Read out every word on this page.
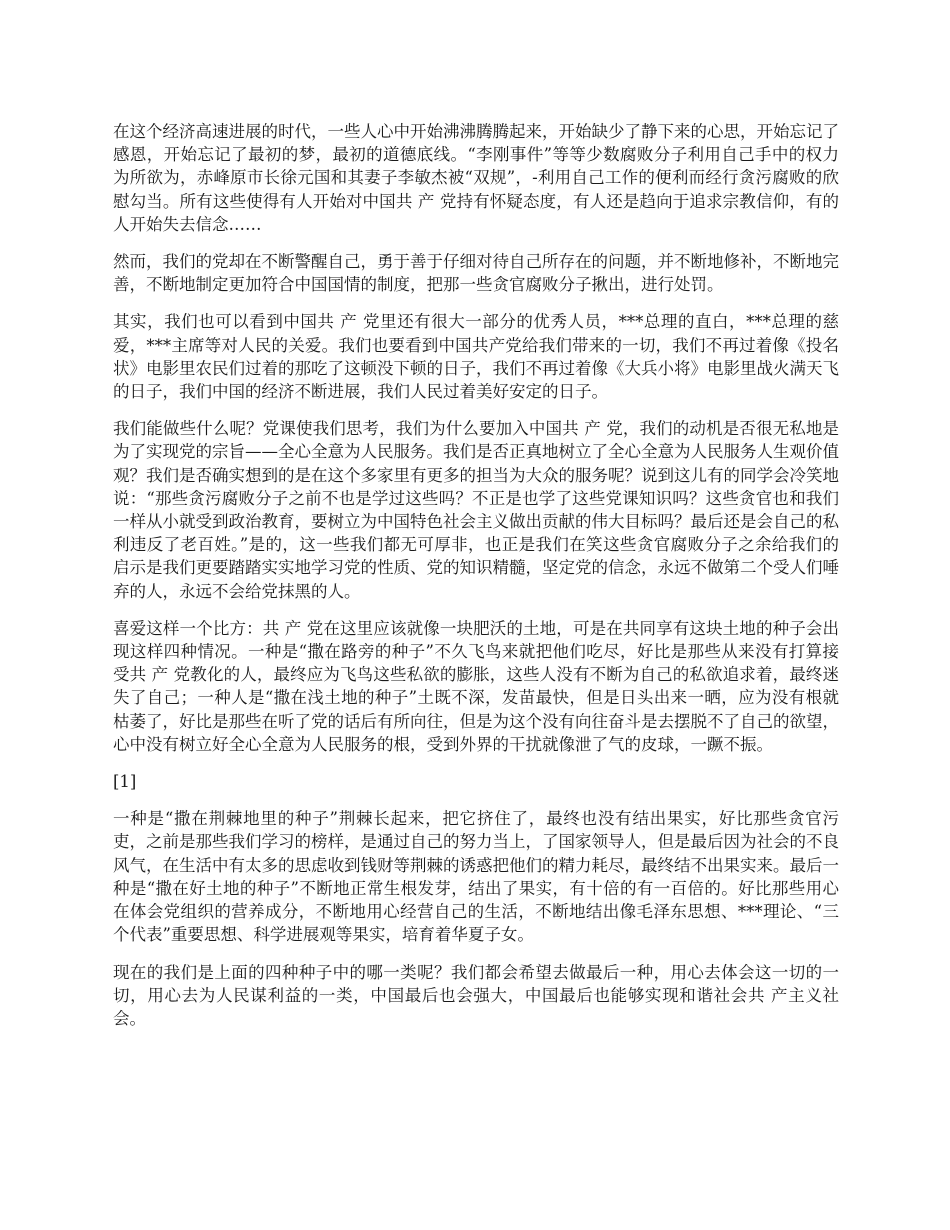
在这个经济高速进展的时代，一些人心中开始沸沸腾腾起来，开始缺少了静下来的心思，开始忘记了感恩，开始忘记了最初的梦，最初的道德底线。“李刚事件”等等少数腐败分子利用自己手中的权力为所欲为，赤峰原市长徐元国和其妻子李敏杰被“双规”，-利用自己工作的便利而经行贪污腐败的欣慰勾当。所有这些使得有人开始对中国共 产 党持有怀疑态度，有人还是趋向于追求宗教信仰，有的人开始失去信念……

然而，我们的党却在不断警醒自己，勇于善于仔细对待自己所存在的问题，并不断地修补，不断地完善，不断地制定更加符合中国国情的制度，把那一些贪官腐败分子揪出，进行处罚。

其实，我们也可以看到中国共 产 党里还有很大一部分的优秀人员，***总理的直白，***总理的慈爱，***主席等对人民的关爱。我们也要看到中国共产党给我们带来的一切，我们不再过着像《投名状》电影里农民们过着的那吃了这顿没下顿的日子，我们不再过着像《大兵小将》电影里战火满天飞的日子，我们中国的经济不断进展，我们人民过着美好安定的日子。

我们能做些什么呢？党课使我们思考，我们为什么要加入中国共 产 党，我们的动机是否很无私地是为了实现党的宗旨——全心全意为人民服务。我们是否正真地树立了全心全意为人民服务人生观价值观？我们是否确实想到的是在这个多家里有更多的担当为大众的服务呢？说到这儿有的同学会冷笑地说：“那些贪污腐败分子之前不也是学过这些吗？不正是也学了这些党课知识吗？这些贪官也和我们一样从小就受到政治教育，要树立为中国特色社会主义做出贡献的伟大目标吗？最后还是会自己的私利违反了老百姓。”是的，这一些我们都无可厚非，也正是我们在笑这些贪官腐败分子之余给我们的启示是我们更要踏踏实实地学习党的性质、党的知识精髓，坚定党的信念，永远不做第二个受人们唾弃的人，永远不会给党抹黑的人。

喜爱这样一个比方：共 产 党在这里应该就像一块肥沃的土地，可是在共同享有这块土地的种子会出现这样四种情况。一种是“撒在路旁的种子”不久飞鸟来就把他们吃尽，好比是那些从来没有打算接受共 产 党教化的人，最终应为飞鸟这些私欲的膨胀，这些人没有不断为自己的私欲追求着，最终迷失了自己；一种人是“撒在浅土地的种子”土既不深，发苗最快，但是日头出来一晒，应为没有根就枯萎了，好比是那些在听了党的话后有所向往，但是为这个没有向往奋斗是去摆脱不了自己的欲望，心中没有树立好全心全意为人民服务的根，受到外界的干扰就像泄了气的皮球，一蹶不振。

[1]

一种是“撒在荆棘地里的种子”荆棘长起来，把它挤住了，最终也没有结出果实，好比那些贪官污吏，之前是那些我们学习的榜样，是通过自己的努力当上，了国家领导人，但是最后因为社会的不良风气，在生活中有太多的思虑收到钱财等荆棘的诱惑把他们的精力耗尽，最终结不出果实来。最后一种是“撒在好土地的种子”不断地正常生根发芽，结出了果实，有十倍的有一百倍的。好比那些用心在体会党组织的营养成分，不断地用心经营自己的生活，不断地结出像毛泽东思想、***理论、“三个代表”重要思想、科学进展观等果实，培育着华夏子女。

现在的我们是上面的四种种子中的哪一类呢？我们都会希望去做最后一种，用心去体会这一切的一切，用心去为人民谋利益的一类，中国最后也会强大，中国最后也能够实现和谐社会共 产主义社会。
